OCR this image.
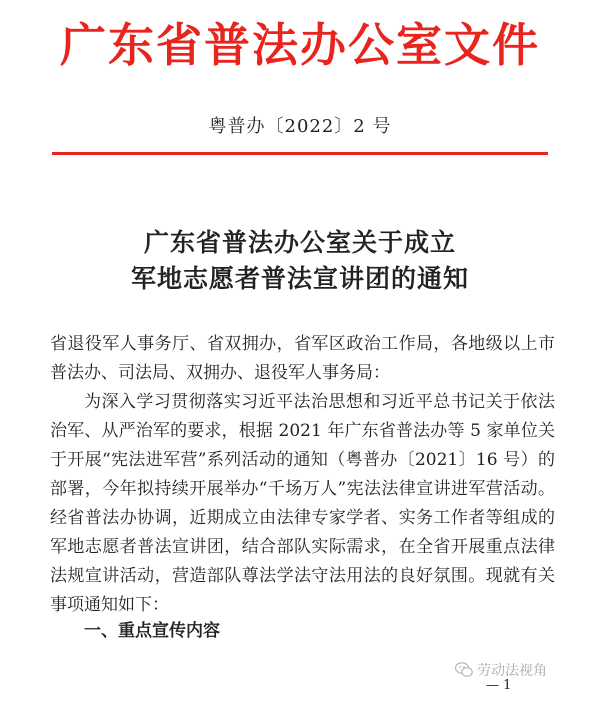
广东省普法办公室文件
粤普办〔2022〕2 号
广东省普法办公室关于成立
军地志愿者普法宣讲团的通知
省退役军人事务厅、省双拥办，省军区政治工作局，各地级以上市普法办、司法局、双拥办、退役军人事务局：
为深入学习贯彻落实习近平法治思想和习近平总书记关于依法治军、从严治军的要求，根据 2021 年广东省普法办等 5 家单位关于开展“宪法进军营”系列活动的通知（粤普办〔2021〕16 号）的部署，今年拟持续开展举办“千场万人”宪法法律宣讲进军营活动。经省普法办协调，近期成立由法律专家学者、实务工作者等组成的军地志愿者普法宣讲团，结合部队实际需求，在全省开展重点法律法规宣讲活动，营造部队尊法学法守法用法的良好氛围。现就有关事项通知如下：
一、重点宣传内容
劳动法视角
— 1
